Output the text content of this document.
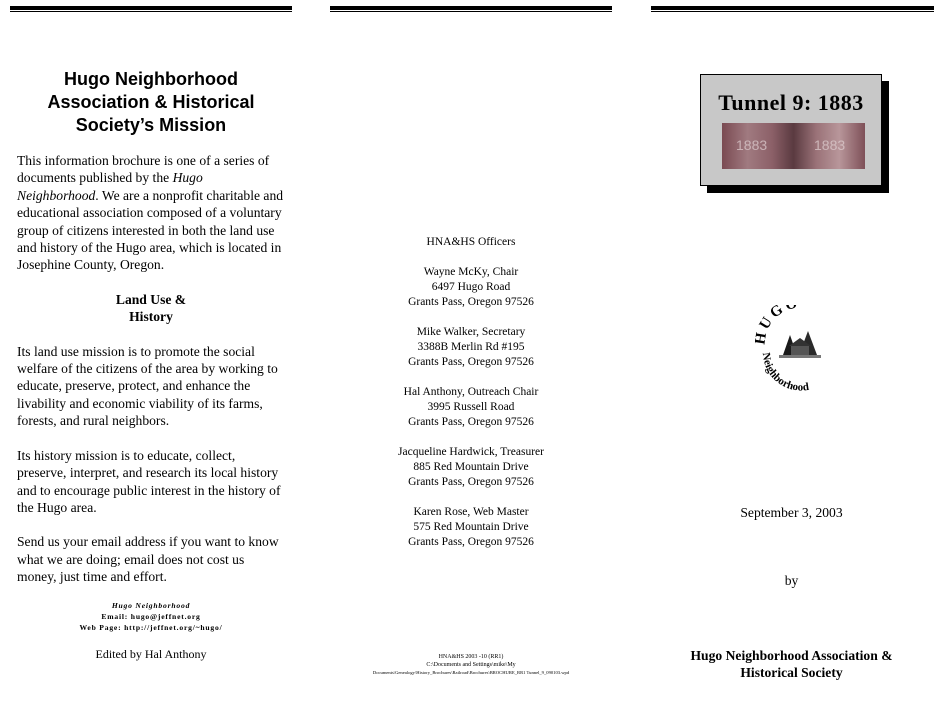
Hugo Neighborhood
Association & Historical
Society’s Mission

This information brochure is one of a series of documents published by the Hugo Neighborhood. We are a nonprofit charitable and educational association composed of a voluntary group of citizens interested in both the land use and history of the Hugo area, which is located in Josephine County, Oregon.

Land Use &
History

Its land use mission is to promote the social welfare of the citizens of the area by working to educate, preserve, protect, and enhance the livability and economic viability of its farms, forests, and rural neighbors.

Its history mission is to educate, collect, preserve, interpret, and research its local history and to encourage public interest in the history of the Hugo area.

Send us your email address if you want to know what we are doing; email does not cost us money, just time and effort.

Hugo Neighborhood
Email: hugo@jeffnet.org
Web Page: http://jeffnet.org/~hugo/

Edited by Hal Anthony

HNA&HS Officers
Wayne McKy, Chair
6497 Hugo Road
Grants Pass, Oregon 97526
Mike Walker, Secretary
3388B Merlin Rd #195
Grants Pass, Oregon 97526
Hal Anthony, Outreach Chair
3995 Russell Road
Grants Pass, Oregon 97526
Jacqueline Hardwick, Treasurer
885 Red Mountain Drive
Grants Pass, Oregon 97526
Karen Rose, Web Master
575 Red Mountain Drive
Grants Pass, Oregon 97526
HNA&HS 2003 -10 (RR1)
C:\Documents and Settings\mike\My
Documents\Genealogy\History_Brochures\Railroad\Brochures\BROCHURE_RR1 Tunnel_9_090103.wpd
Tunnel 9: 1883
1883	1883
UG
Neighborhood
September 3, 2003
by
Hugo Neighborhood Association &
Historical Society
